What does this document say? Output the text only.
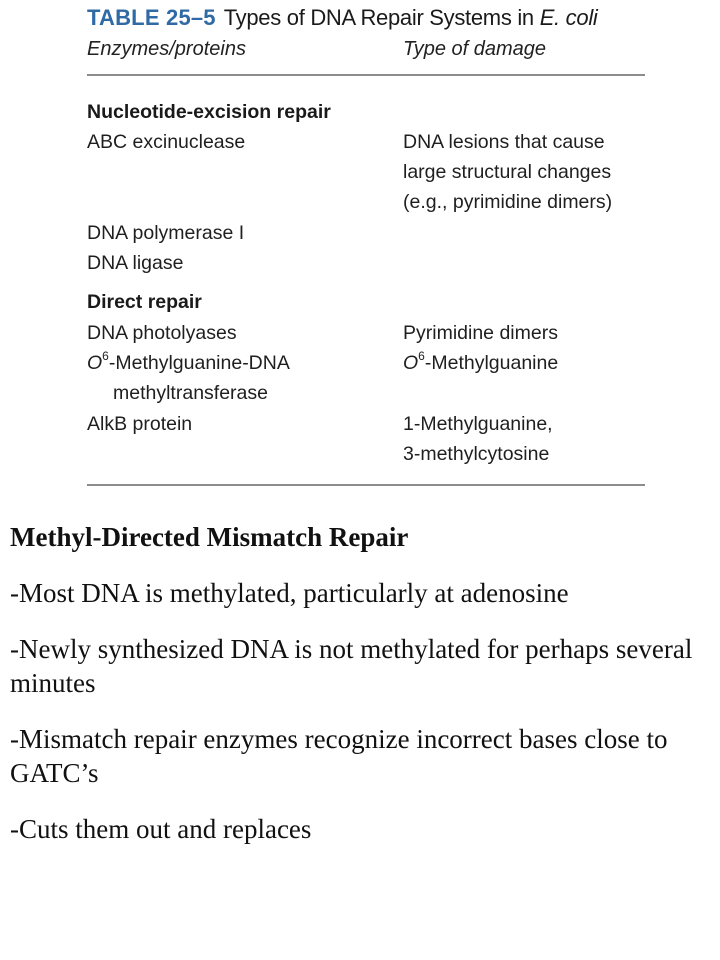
TABLE 25–5 Types of DNA Repair Systems in E. coli
Enzymes/proteins	Type of damage
Nucleotide-excision repair
ABC excinuclease	DNA lesions that cause
large structural changes
(e.g., pyrimidine dimers)
DNA polymerase I
DNA ligase
Direct repair
DNA photolyases	Pyrimidine dimers
$O^6-Methylguanine$-DNA	$O^6$-Methylguanine
methyltransferase
AlkB protein	1-Methylguanine,
3-methylcytosine
Methyl-Directed Mismatch Repair

-Most DNA is methylated, particularly at adenosine

-Newly synthesized DNA is not methylated for perhaps several minutes

-Mismatch repair enzymes recognize incorrect bases close to GATC’s

-Cuts them out and replaces
